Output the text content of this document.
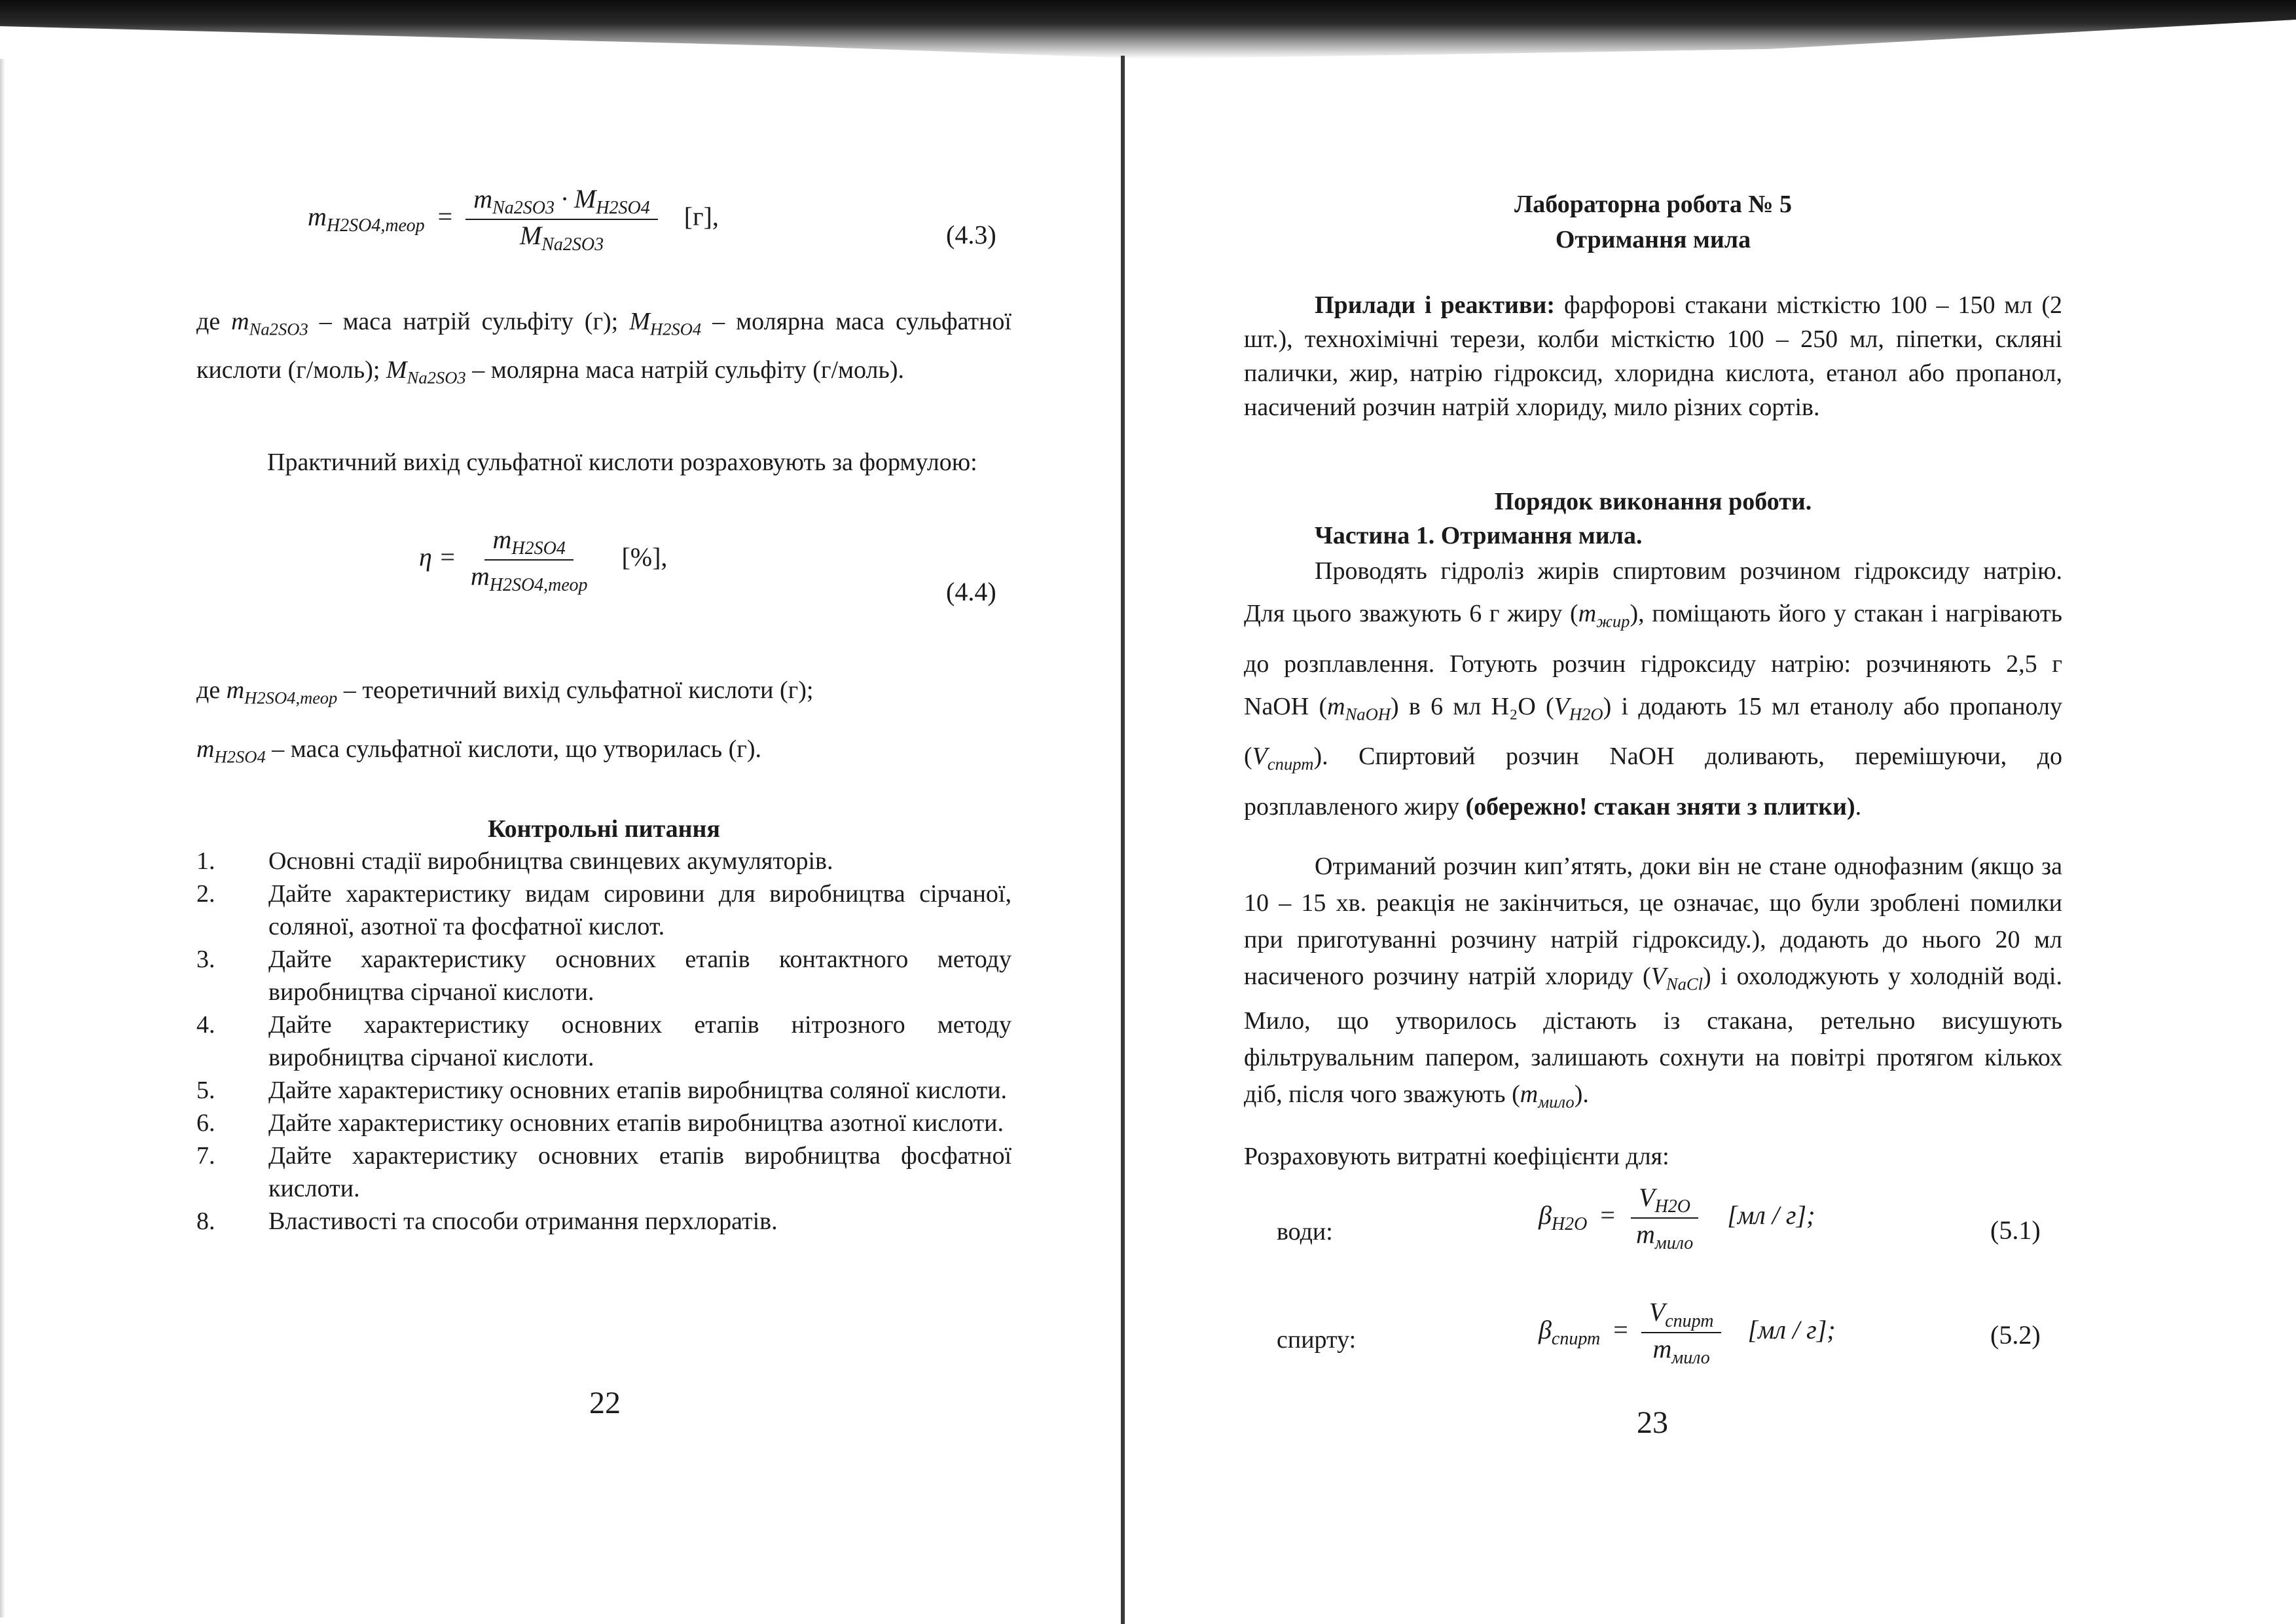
$m_{H2SO4,теор} = \frac{m_{Na2SO3} \cdot M_{H2SO4}}{M_{Na2SO3}} [г]$,
(4.3)
де $m_{Na2SO3}$ – маса натрій сульфіту (г); $M_{H2SO4}$ – молярна маса сульфатної кислоти (г/моль); $M_{Na2SO3}$ – молярна маса натрій сульфіту (г/моль).
Практичний вихід сульфатної кислоти розраховують за формулою:
$\eta = \frac{m_{H2SO4}}{m_{H2SO4,теор}}$ [%],
(4.4)
де $m_{H2SO4,теор}$ – теоретичний вихід сульфатної кислоти (г);
$m_{H2SO4}$ – маса сульфатної кислоти, що утворилась (г).
Контрольні питання
1. Основні стадії виробництва свинцевих акумуляторів.
2. Дайте характеристику видам сировини для виробництва сірчаної, соляної, азотної та фосфатної кислот.
3. Дайте характеристику основних етапів контактного методу виробництва сірчаної кислоти.
4. Дайте характеристику основних етапів нітрозного методу виробництва сірчаної кислоти.
5. Дайте характеристику основних етапів виробництва соляної кислоти.
6. Дайте характеристику основних етапів виробництва азотної кислоти.
7. Дайте характеристику основних етапів виробництва фосфатної кислоти.
8. Властивості та способи отримання перхлоратів.
22
Лабораторна робота № 5
Отримання мила
Прилади і реактиви: фарфорові стакани місткістю 100 – 150 мл (2 шт.), технохімічні терези, колби місткістю 100 – 250 мл, піпетки, скляні палички, жир, натрію гідроксид, хлоридна кислота, етанол або пропанол, насичений розчин натрій хлориду, мило різних сортів.
Порядок виконання роботи.
Частина 1. Отримання мила.
Проводять гідроліз жирів спиртовим розчином гідроксиду натрію. Для цього зважують 6 г жиру $(m_{жир})$, поміщають його у стакан і нагрівають до розплавлення. Готують розчин гідроксиду натрію: розчиняють 2,5 г NaOH $(m_{NaOH})$ в 6 мл H₂O $(V_{H2O})$ і додають 15 мл етанолу або пропанолу $(V_{спирт})$. Спиртовий розчин NaOH доливають, перемішуючи, до розплавленого жиру (обережно! стакан зняти з плитки).
Отриманий розчин кип’ятять, доки він не стане однофазним (якщо за 10 – 15 хв. реакція не закінчиться, це означає, що були зроблені помилки при приготуванні розчину натрій гідроксиду.), додають до нього 20 мл насиченого розчину натрій хлориду $(V_{NaCl})$ і охолоджують у холодній воді. Мило, що утворилось дістають із стакана, ретельно висушують фільтрувальним папером, залишають сохнути на повітрі протягом кількох діб, після чого зважують $(m_{мило})$.
Розраховують витратні коефіцієнти для:
води:
$\beta_{H2O} = \frac{V_{H2O}}{m_{мило}} [мл / г]$;
(5.1)
спирту:	$\beta_{спирт} = \frac{V_{спирт}}{m_{мило}} [мл / г]$;	(5.2)
23
